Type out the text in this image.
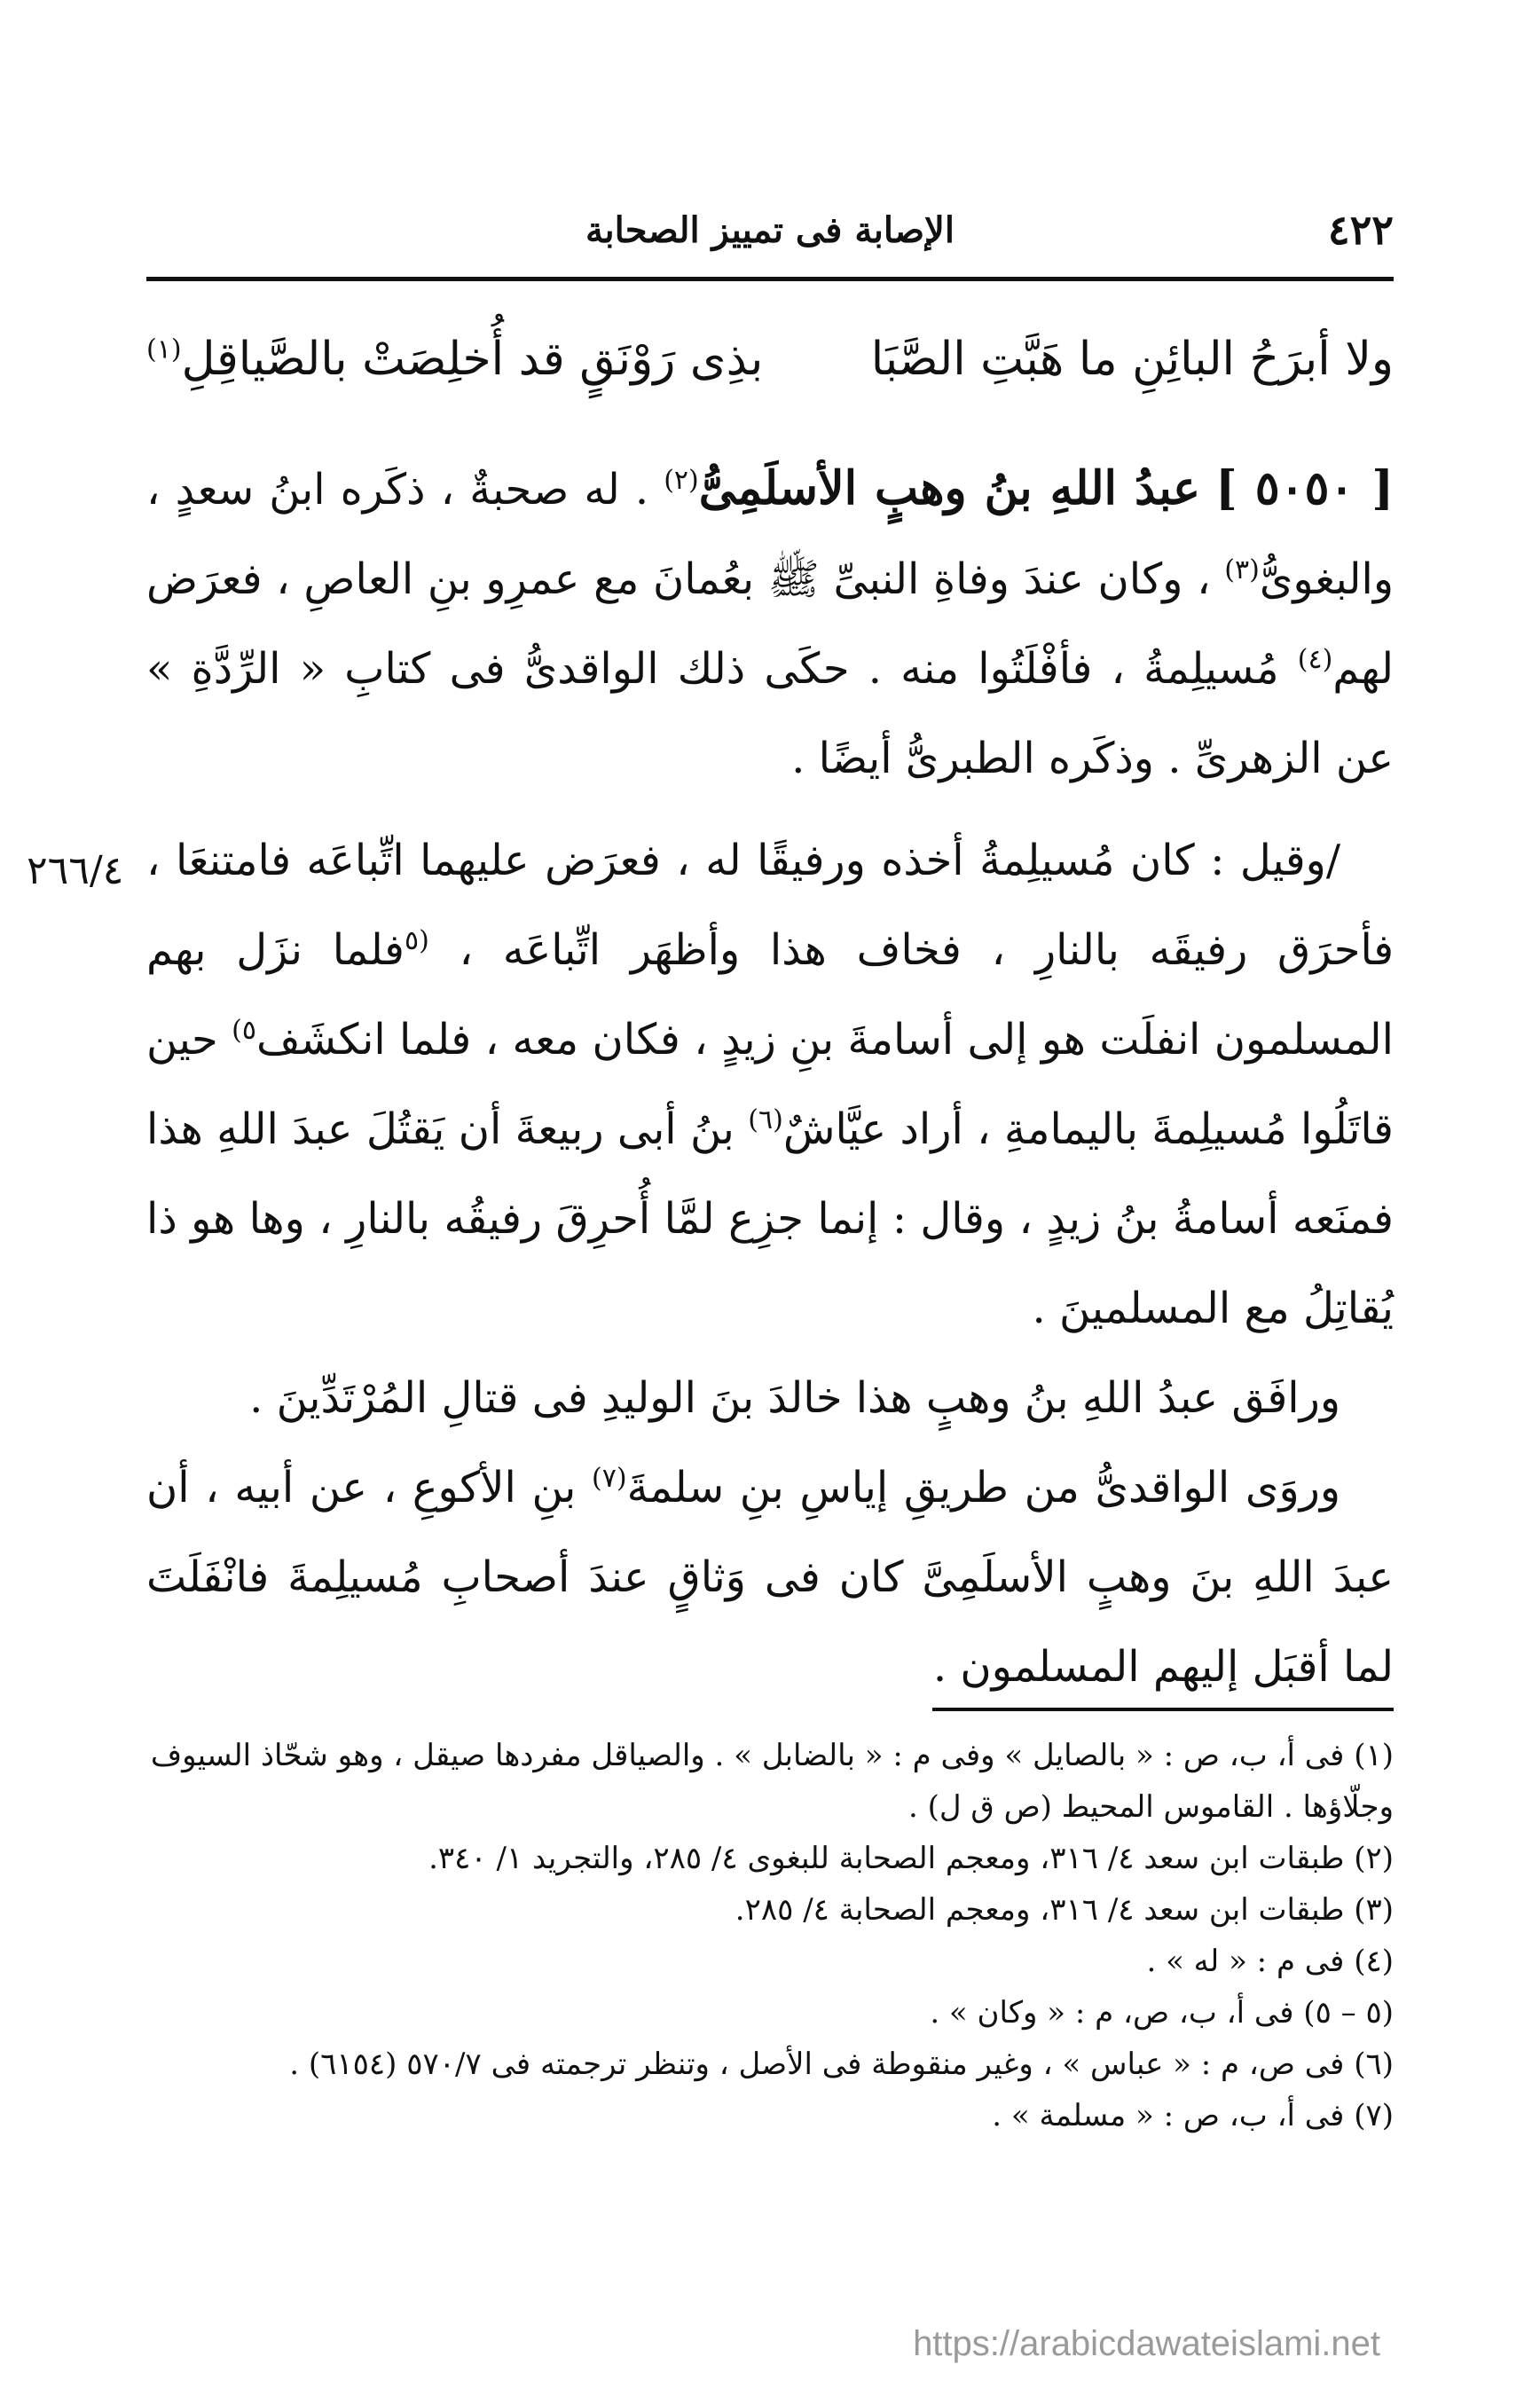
٤٢٢
الإصابة فى تمييز الصحابة
ولا أبرَحُ البائِنِ ما هَبَّتِ الصَّبَا
بذِى رَوْنَقٍ قد أُخلِصَتْ بالصَّياقِلِ$^{(١)}$

[ ٥٠٥٠ ] عبدُ اللهِ بنُ وهبٍ الأسلَمِىُّ$^{(٢)}$ . له صحبةٌ ، ذكَره ابنُ سعدٍ ، والبغوىُّ$^{(٣)}$ ، وكان عندَ وفاةِ النبىِّ ﷺ بعُمانَ مع عمرِو بنِ العاصِ ، فعرَض لهم$^{(٤)}$ مُسيلِمةُ ، فأفْلَتُوا منه . حكَى ذلك الواقدىُّ فى كتابِ « الرِّدَّةِ » عن الزهرىِّ . وذكَره الطبرىُّ أيضًا .

/وقيل : كان مُسيلِمةُ أخذه ورفيقًا له ، فعرَض عليهما اتِّباعَه فامتنعَا ، فأحرَق رفيقَه بالنارِ ، فخاف هذا وأظهَر اتِّباعَه ، $^{(٥}$فلما نزَل بهم المسلمون انفلَت هو إلى أسامةَ بنِ زيدٍ ، فكان معه ، فلما انكشَف$^{٥)}$ حين قاتَلُوا مُسيلِمةَ باليمامةِ ، أراد عيَّاشٌ$^{(٦)}$ بنُ أبى ربيعةَ أن يَقتُلَ عبدَ اللهِ هذا فمنَعه أسامةُ بنُ زيدٍ ، وقال : إنما جزِع لمَّا أُحرِقَ رفيقُه بالنارِ ، وها هو ذا يُقاتِلُ مع المسلمينَ .

ورافَق عبدُ اللهِ بنُ وهبٍ هذا خالدَ بنَ الوليدِ فى قتالِ المُرْتَدِّينَ .

وروَى الواقدىُّ من طريقِ إياسِ بنِ سلمةَ$^{(٧)}$ بنِ الأكوعِ ، عن أبيه ، أن عبدَ اللهِ بنَ وهبٍ الأسلَمِىَّ كان فى وَثاقٍ عندَ أصحابِ مُسيلِمةَ فانْفَلَتَ لما أقبَل إليهم المسلمون .

٢٦٦/٤

(١) فى أ، ب، ص : « بالصايل » وفى م : « بالضابل » . والصياقل مفردها صيقل ، وهو شحّاذ السيوف وجلّاؤها . القاموس المحيط (ص ق ل) .

(٢) طبقات ابن سعد ٤/ ٣١٦، ومعجم الصحابة للبغوى ٤/ ٢٨٥، والتجريد ١/ ٣٤٠.

(٣) طبقات ابن سعد ٤/ ٣١٦، ومعجم الصحابة ٤/ ٢٨٥.

(٤) فى م : « له » .

(٥ – ٥) فى أ، ب، ص، م : « وكان » .

(٦) فى ص، م : « عباس » ، وغير منقوطة فى الأصل ، وتنظر ترجمته فى ٥٧٠/٧ (٦١٥٤) .

(٧) فى أ، ب، ص : « مسلمة » .

https://arabicdawateislami.net
